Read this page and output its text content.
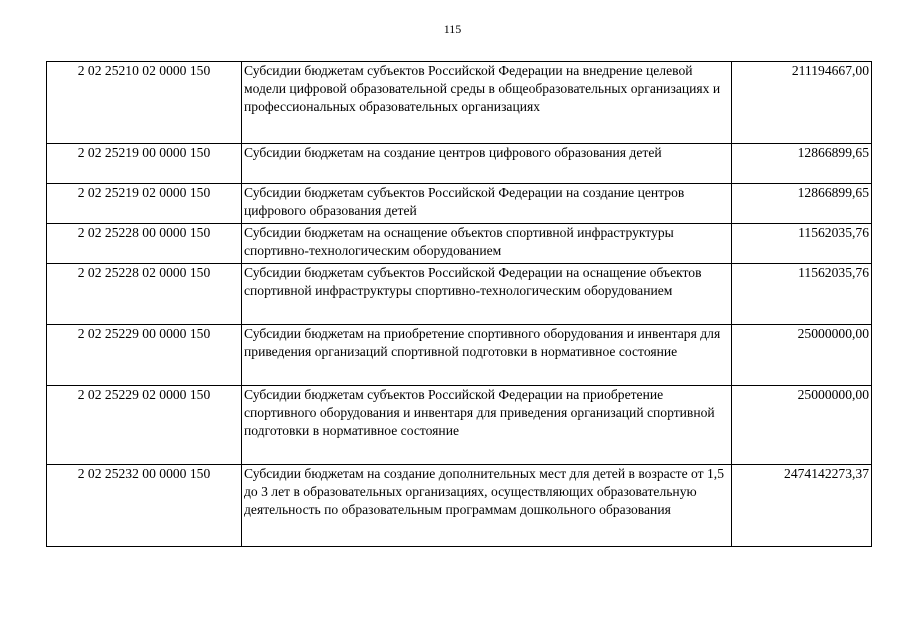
115
2 02 25210 02 0000 150	Субсидии бюджетам субъектов Российской Федерации на внедрение целевой модели цифровой образовательной среды в общеобразовательных организациях и профессиональных образовательных организациях	211194667,00
2 02 25219 00 0000 150	Субсидии бюджетам на создание центров цифрового образования детей	12866899,65
2 02 25219 02 0000 150	Субсидии бюджетам субъектов Российской Федерации на создание центров цифрового образования детей	12866899,65
2 02 25228 00 0000 150	Субсидии бюджетам на оснащение объектов спортивной инфраструктуры спортивно-технологическим оборудованием	11562035,76
2 02 25228 02 0000 150	Субсидии бюджетам субъектов Российской Федерации на оснащение объектов спортивной инфраструктуры спортивно-технологическим оборудованием	11562035,76
2 02 25229 00 0000 150	Субсидии бюджетам на приобретение спортивного оборудования и инвентаря для приведения организаций спортивной подготовки в нормативное состояние	25000000,00
2 02 25229 02 0000 150	Субсидии бюджетам субъектов Российской Федерации на приобретение спортивного оборудования и инвентаря для приведения организаций спортивной подготовки в нормативное состояние	25000000,00
2 02 25232 00 0000 150	Субсидии бюджетам на создание дополнительных мест для детей в возрасте от 1,5 до 3 лет в образовательных организациях, осуществляющих образовательную деятельность по образовательным программам дошкольного образования	2474142273,37
